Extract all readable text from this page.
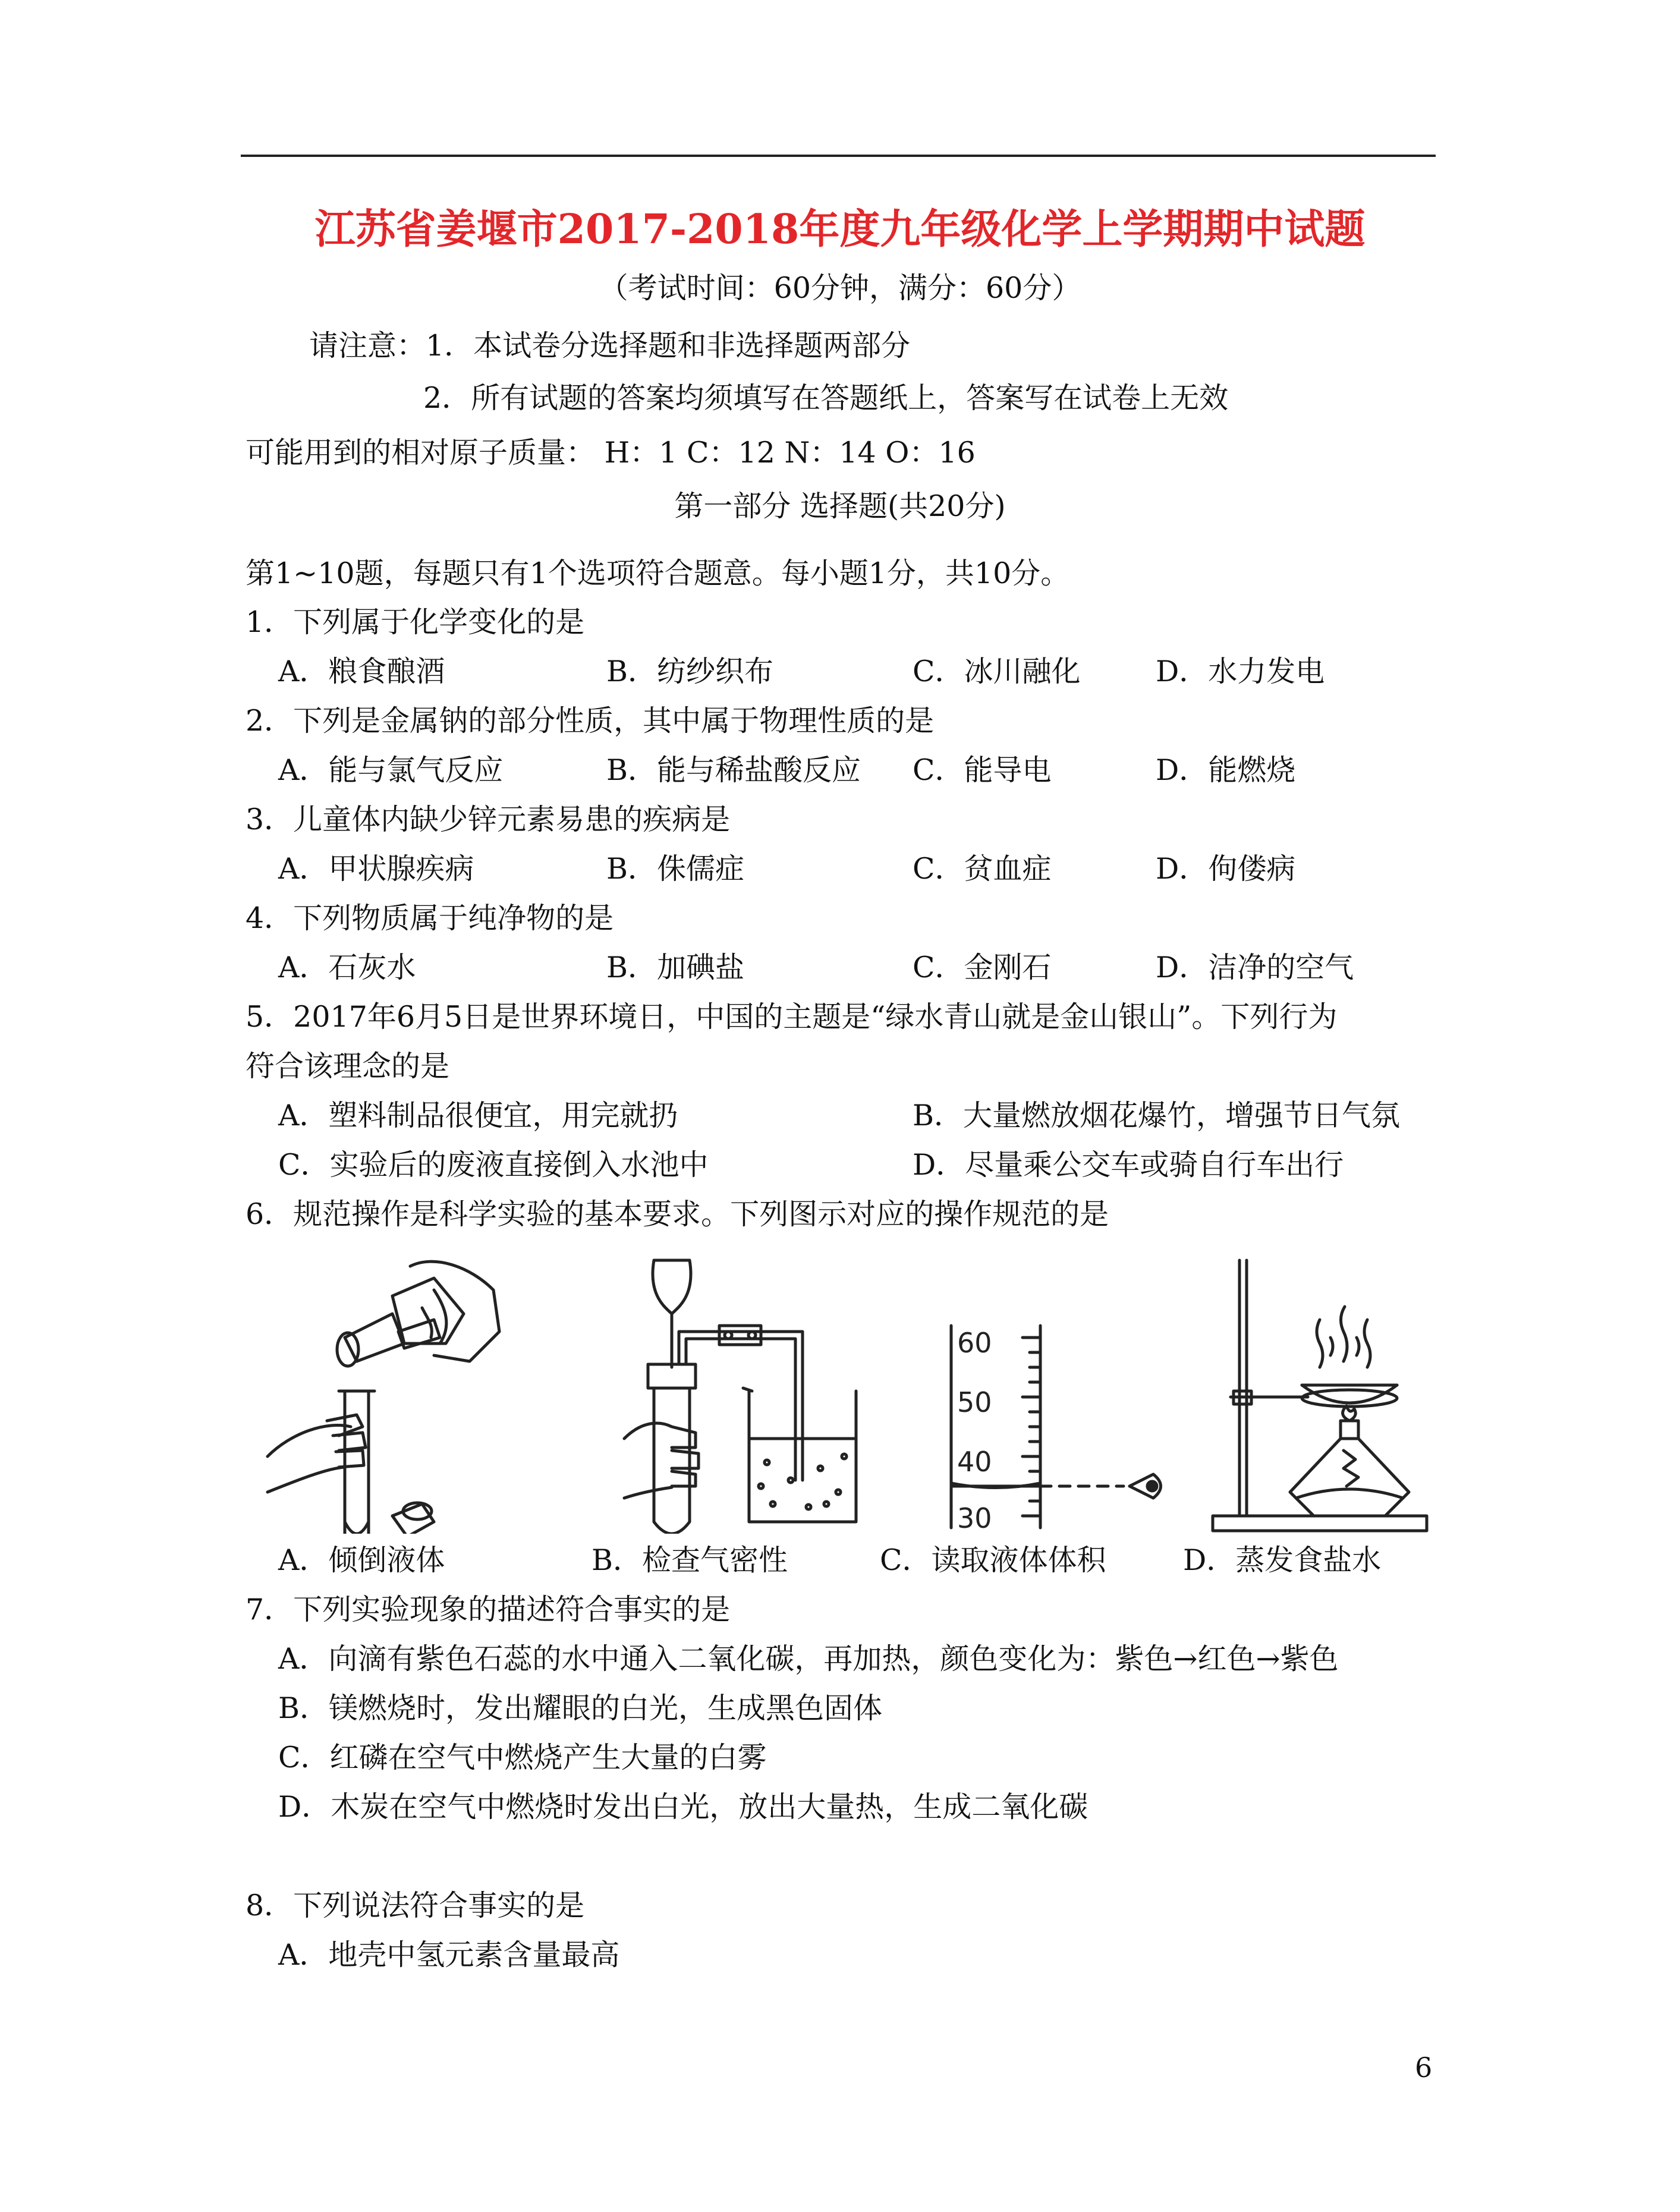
江苏省姜堰市2017-2018年度九年级化学上学期期中试题
（考试时间：60分钟，满分：60分）
请注意：1．本试卷分选择题和非选择题两部分
2．所有试题的答案均须填写在答题纸上，答案写在试卷上无效
可能用到的相对原子质量： H：1 C：12 N：14 O：16
第一部分 选择题(共20分)
第1~10题，每题只有1个选项符合题意。每小题1分，共10分。
1．下列属于化学变化的是
A．粮食酿酒	B．纺纱织布	C．冰川融化	D．水力发电
2．下列是金属钠的部分性质，其中属于物理性质的是
A．能与氯气反应	B．能与稀盐酸反应 C．能导电	D．能燃烧
3．儿童体内缺少锌元素易患的疾病是
A．甲状腺疾病	B．侏儒症	C．贫血症	D．佝偻病
4．下列物质属于纯净物的是
A．石灰水	B．加碘盐	C．金刚石	D．洁净的空气
5．2017年6月5日是世界环境日，中国的主题是“绿水青山就是金山银山”。下列行为
符合该理念的是
A．塑料制品很便宜，用完就扔	B．大量燃放烟花爆竹，增强节日气氛
C．实验后的废液直接倒入水池中	D．尽量乘公交车或骑自行车出行
6．规范操作是科学实验的基本要求。下列图示对应的操作规范的是
60
50
40
30
A．倾倒液体	B．检查气密性	C．读取液体体积	D．蒸发食盐水
7．下列实验现象的描述符合事实的是
A．向滴有紫色石蕊的水中通入二氧化碳，再加热，颜色变化为：紫色→红色→紫色
B．镁燃烧时，发出耀眼的白光，生成黑色固体
C．红磷在空气中燃烧产生大量的白雾
D．木炭在空气中燃烧时发出白光，放出大量热，生成二氧化碳
8．下列说法符合事实的是
A．地壳中氢元素含量最高
6
